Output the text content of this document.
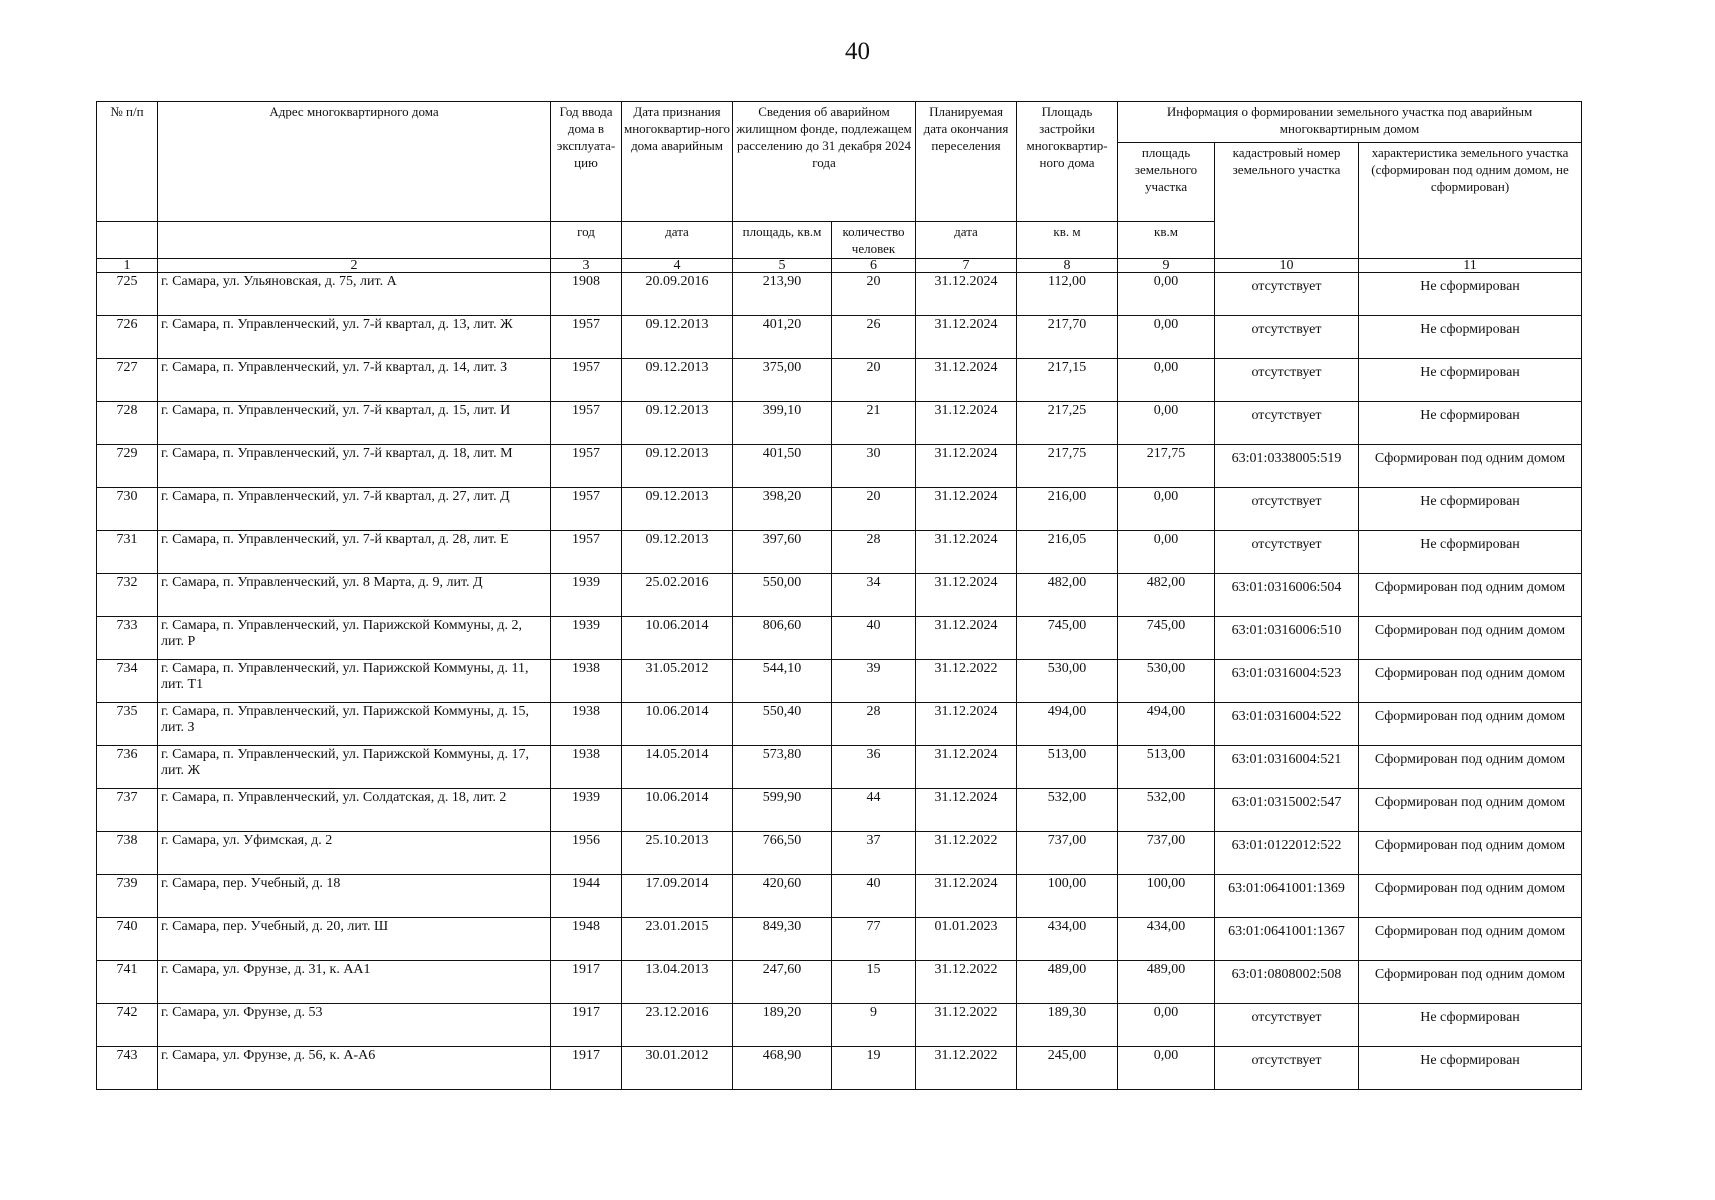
40
№ п/п	Адрес многоквартирного дома	Год ввода дома в эксплуата-цию	Дата признания многоквартир-ного дома аварийным	Сведения об аварийном жилищном фонде, подлежащем расселению до 31 декабря 2024 года		Планируемая дата окончания переселения	Площадь застройки многоквартир-ного дома	Информация о формировании земельного участка под аварийным многоквартирным домом		
								площадь земельного участка	кадастровый номер земельного участка	характеристика земельного участка (сформирован под одним домом, не сформирован)
		год	дата	площадь, кв.м	количество человек	дата	кв. м	кв.м		
1	2	3	4	5	6	7	8	9	10	11
725	г. Самара, ул. Ульяновская, д. 75, лит. А	1908	20.09.2016	213,90	20	31.12.2024	112,00	0,00	отсутствует	Не сформирован
726	г. Самара, п. Управленческий, ул. 7-й квартал, д. 13, лит. Ж	1957	09.12.2013	401,20	26	31.12.2024	217,70	0,00	отсутствует	Не сформирован
727	г. Самара, п. Управленческий, ул. 7-й квартал, д. 14, лит. З	1957	09.12.2013	375,00	20	31.12.2024	217,15	0,00	отсутствует	Не сформирован
728	г. Самара, п. Управленческий, ул. 7-й квартал, д. 15, лит. И	1957	09.12.2013	399,10	21	31.12.2024	217,25	0,00	отсутствует	Не сформирован
729	г. Самара, п. Управленческий, ул. 7-й квартал, д. 18, лит. М	1957	09.12.2013	401,50	30	31.12.2024	217,75	217,75	63:01:0338005:519	Сформирован под одним домом
730	г. Самара, п. Управленческий, ул. 7-й квартал, д. 27, лит. Д	1957	09.12.2013	398,20	20	31.12.2024	216,00	0,00	отсутствует	Не сформирован
731	г. Самара, п. Управленческий, ул. 7-й квартал, д. 28, лит. Е	1957	09.12.2013	397,60	28	31.12.2024	216,05	0,00	отсутствует	Не сформирован
732	г. Самара, п. Управленческий, ул. 8 Марта, д. 9, лит. Д	1939	25.02.2016	550,00	34	31.12.2024	482,00	482,00	63:01:0316006:504	Сформирован под одним домом
733	г. Самара, п. Управленческий, ул. Парижской Коммуны, д. 2, лит. Р	1939	10.06.2014	806,60	40	31.12.2024	745,00	745,00	63:01:0316006:510	Сформирован под одним домом
734	г. Самара, п. Управленческий, ул. Парижской Коммуны, д. 11, лит. Т1	1938	31.05.2012	544,10	39	31.12.2022	530,00	530,00	63:01:0316004:523	Сформирован под одним домом
735	г. Самара, п. Управленческий, ул. Парижской Коммуны, д. 15, лит. З	1938	10.06.2014	550,40	28	31.12.2024	494,00	494,00	63:01:0316004:522	Сформирован под одним домом
736	г. Самара, п. Управленческий, ул. Парижской Коммуны, д. 17, лит. Ж	1938	14.05.2014	573,80	36	31.12.2024	513,00	513,00	63:01:0316004:521	Сформирован под одним домом
737	г. Самара, п. Управленческий, ул. Солдатская, д. 18, лит. 2	1939	10.06.2014	599,90	44	31.12.2024	532,00	532,00	63:01:0315002:547	Сформирован под одним домом
738	г. Самара, ул. Уфимская, д. 2	1956	25.10.2013	766,50	37	31.12.2022	737,00	737,00	63:01:0122012:522	Сформирован под одним домом
739	г. Самара, пер. Учебный, д. 18	1944	17.09.2014	420,60	40	31.12.2024	100,00	100,00	63:01:0641001:1369	Сформирован под одним домом
740	г. Самара, пер. Учебный, д. 20, лит. Ш	1948	23.01.2015	849,30	77	01.01.2023	434,00	434,00	63:01:0641001:1367	Сформирован под одним домом
741	г. Самара, ул. Фрунзе, д. 31, к. АА1	1917	13.04.2013	247,60	15	31.12.2022	489,00	489,00	63:01:0808002:508	Сформирован под одним домом
742	г. Самара, ул. Фрунзе, д. 53	1917	23.12.2016	189,20	9	31.12.2022	189,30	0,00	отсутствует	Не сформирован
743	г. Самара, ул. Фрунзе, д. 56, к. А-А6	1917	30.01.2012	468,90	19	31.12.2022	245,00	0,00	отсутствует	Не сформирован
